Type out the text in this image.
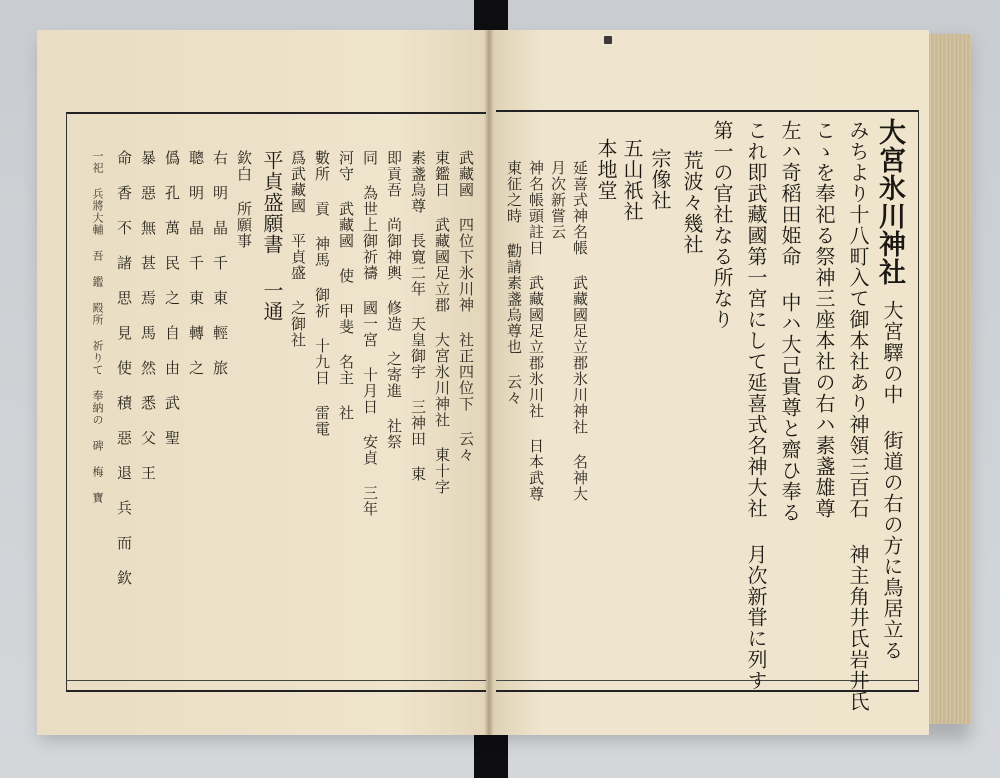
大宮氷川神社
大宮驛の中 街道の右の方に鳥居立る
みちより十八町入て御本社あり神領三百石 神主角井氏岩井氏
こゝを奉祀る祭神三座本社の右ハ素盞雄尊
左ハ奇稻田姫命 中ハ大己貴尊と齋ひ奉る
これ即武藏國第一宮にして延喜式名神大社 月次新甞に列す
第一の官社なる所なり
荒波々幾社
宗像社
五山祇社
本地堂
延喜式神名帳 武藏國足立郡氷川神社 名神大
月次新嘗云
神名帳頭註日 武藏國足立郡氷川社 日本武尊
東征之時 勸請素盞烏尊也 云々
武藏國 四位下氷川神 社正四位下 云々
東鑑日 武藏國足立郡 大宮氷川神社 東十字
素盞烏尊 長寛二年 天皇御宇 三神田 東
即貢吾 尚御神輿 修造 之寄進 社祭
同 為世上御祈禱 國一宮 十月日 安貞 三年
河守 武藏國 使 甲斐 名主 社
數所 貢 神馬 御祈 十九日 雷電
爲武藏國 平貞盛 之御社
平貞盛願書 一通
欽白 所願事
右 明 晶 千 東 輕 旅
聰 明 晶 千 東 轉 之
僞 孔 萬 民 之 自 由 武 聖
暴 惡 無 甚 焉 馬 然 悉 父 王
命 香 不 諸 思 見 使 積 惡 退 兵 而 欽
一祀 兵將大輔 吾 鑑 殿所 祈りて 奉納の 碑 梅 寶
